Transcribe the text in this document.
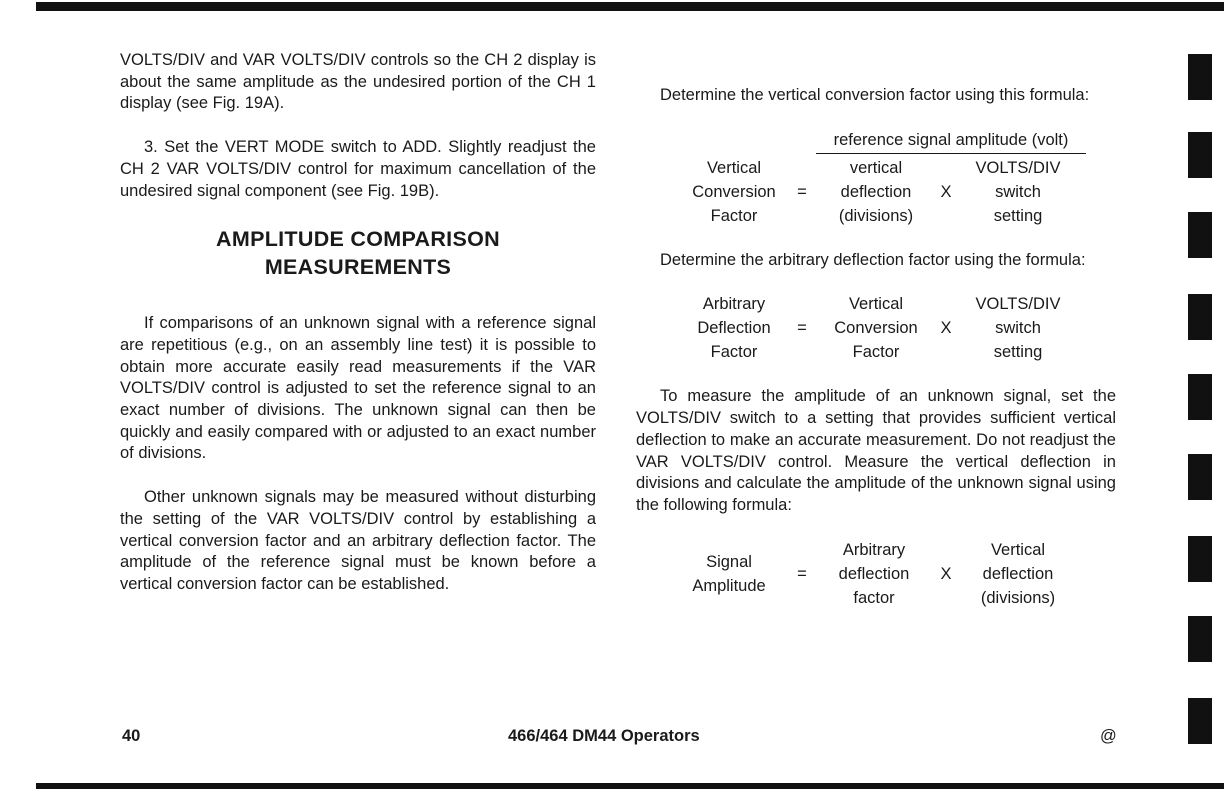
VOLTS/DIV and VAR VOLTS/DIV controls so the CH 2 display is about the same amplitude as the undesired portion of the CH 1 display (see Fig. 19A).

3. Set the VERT MODE switch to ADD. Slightly readjust the CH 2 VAR VOLTS/DIV control for maximum cancellation of the undesired signal component (see Fig. 19B).

AMPLITUDE COMPARISON
MEASUREMENTS

If comparisons of an unknown signal with a reference signal are repetitious (e.g., on an assembly line test) it is possible to obtain more accurate easily read measurements if the VAR VOLTS/DIV control is adjusted to set the reference signal to an exact number of divisions. The unknown signal can then be quickly and easily compared with or adjusted to an exact number of divisions.

Other unknown signals may be measured without disturbing the setting of the VAR VOLTS/DIV control by establishing a vertical conversion factor and an arbitrary deflection factor. The amplitude of the reference signal must be known before a vertical conversion factor can be established.

Determine the vertical conversion factor using this formula:

reference signal amplitude (volt)
Vertical
Conversion
Factor
=
vertical
deflection
(divisions)
X
VOLTS/DIV
switch
setting

Determine the arbitrary deflection factor using the formula:

Arbitrary
Deflection
Factor
=
Vertical
Conversion
Factor
X
VOLTS/DIV
switch
setting

To measure the amplitude of an unknown signal, set the VOLTS/DIV switch to a setting that provides sufficient vertical deflection to make an accurate measurement. Do not readjust the VAR VOLTS/DIV control. Measure the vertical deflection in divisions and calculate the amplitude of the unknown signal using the following formula:

Signal
Amplitude
=
Arbitrary
deflection
factor
X
Vertical
deflection
(divisions)
40	466/464 DM44 Operators	@
